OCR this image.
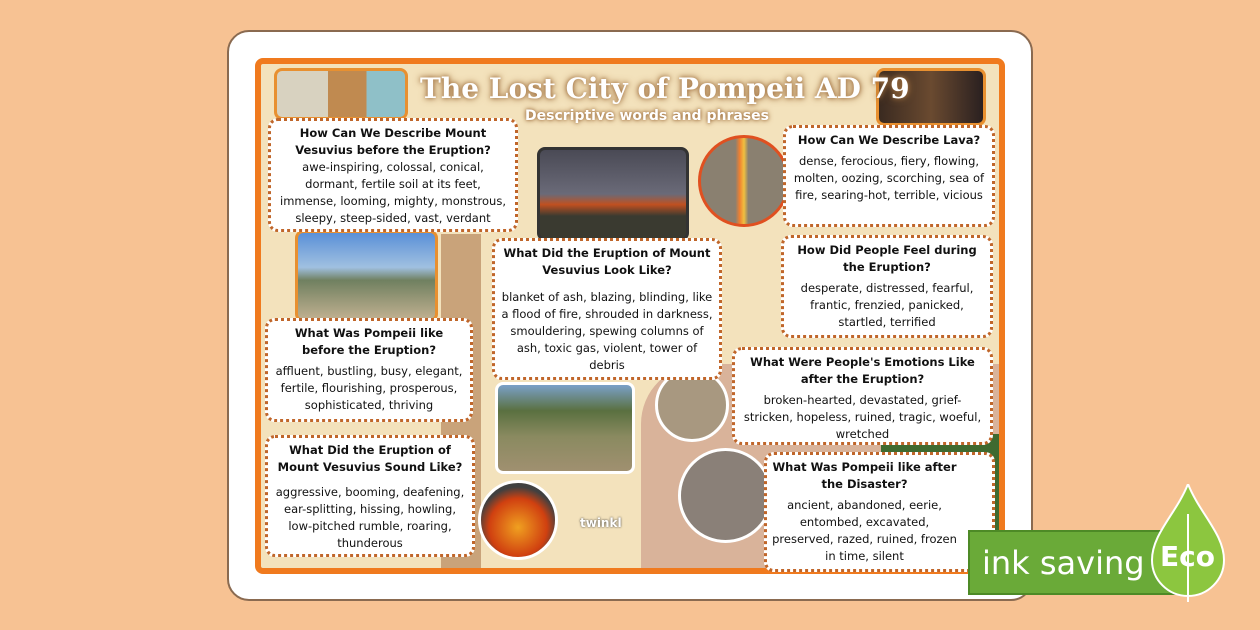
twinkl
The Lost City of Pompeii AD 79
Descriptive words and phrases
How Can We Describe Mount Vesuvius before the Eruption?

awe-inspiring, colossal, conical, dormant, fertile soil at its feet, immense, looming, mighty, monstrous, sleepy, steep-sided, vast, verdant

How Can We Describe Lava?

dense, ferocious, fiery, flowing, molten, oozing, scorching, sea of fire, searing-hot, terrible, vicious

How Did People Feel during the Eruption?

desperate, distressed, fearful, frantic, frenzied, panicked, startled, terrified

What Was Pompeii like before the Eruption?

affluent, bustling, busy, elegant, fertile, flourishing, prosperous, sophisticated, thriving

What Did the Eruption of Mount Vesuvius Look Like?

blanket of ash, blazing, blinding, like a flood of fire, shrouded in darkness, smouldering, spewing columns of ash, toxic gas, violent, tower of debris	What Were People's Emotions Like after the Eruption?

broken-hearted, devastated, grief-stricken, hopeless, ruined, tragic, woeful, wretched

What Did the Eruption of Mount Vesuvius Sound Like?

aggressive, booming, deafening, ear-splitting, hissing, howling, low-pitched rumble, roaring, thunderous

What Was Pompeii like after the Disaster?

ancient, abandoned, eerie, entombed, excavated, preserved, razed, ruined, frozen in time, silent	ink saving Eco
